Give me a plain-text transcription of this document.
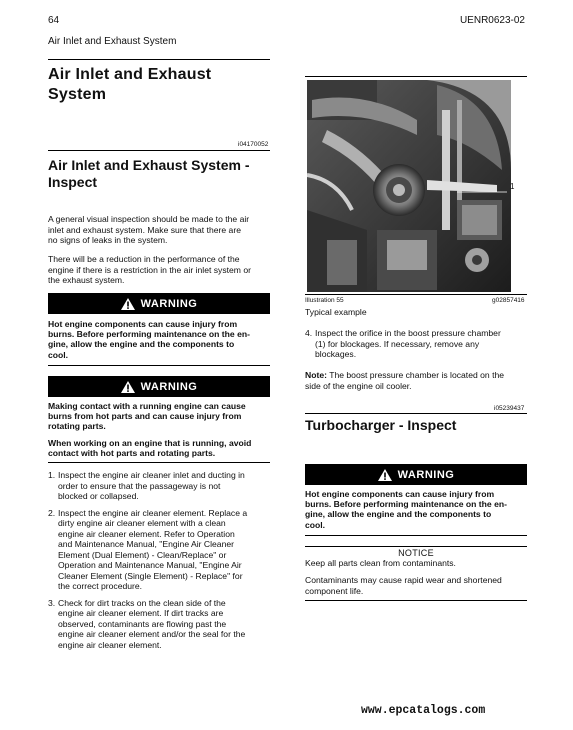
64	UENR0623-02
Air Inlet and Exhaust System
Air Inlet and Exhaust
System
i04170052
Air Inlet and Exhaust System -
Inspect
A general visual inspection should be made to the air
inlet and exhaust system. Make sure that there are
no signs of leaks in the system.
There will be a reduction in the performance of the
engine if there is a restriction in the air inlet system or
the exhaust system.
WARNING
Hot engine components can cause injury from
burns. Before performing maintenance on the en-
gine, allow the engine and the components to
cool.
WARNING
Making contact with a running engine can cause
burns from hot parts and can cause injury from
rotating parts.
When working on an engine that is running, avoid
contact with hot parts and rotating parts.
1. Inspect the engine air cleaner inlet and ducting in
order to ensure that the passageway is not
blocked or collapsed.
2. Inspect the engine air cleaner element. Replace a
dirty engine air cleaner element with a clean
engine air cleaner element. Refer to Operation
and Maintenance Manual, "Engine Air Cleaner
Element (Dual Element) - Clean/Replace" or
Operation and Maintenance Manual, "Engine Air
Cleaner Element (Single Element) - Replace" for
the correct procedure.
3. Check for dirt tracks on the clean side of the
engine air cleaner element. If dirt tracks are
observed, contaminants are flowing past the
engine air cleaner element and/or the seal for the
engine air cleaner element.
1
Illustration 55	g02857416
Typical example
4. Inspect the orifice in the boost pressure chamber
(1) for blockages. If necessary, remove any
blockages.
Note: The boost pressure chamber is located on the
side of the engine oil cooler.
i05239437
Turbocharger - Inspect
WARNING
Hot engine components can cause injury from
burns. Before performing maintenance on the en-
gine, allow the engine and the components to
cool.
NOTICE
Keep all parts clean from contaminants.
Contaminants may cause rapid wear and shortened
component life.
www.epcatalogs.com
